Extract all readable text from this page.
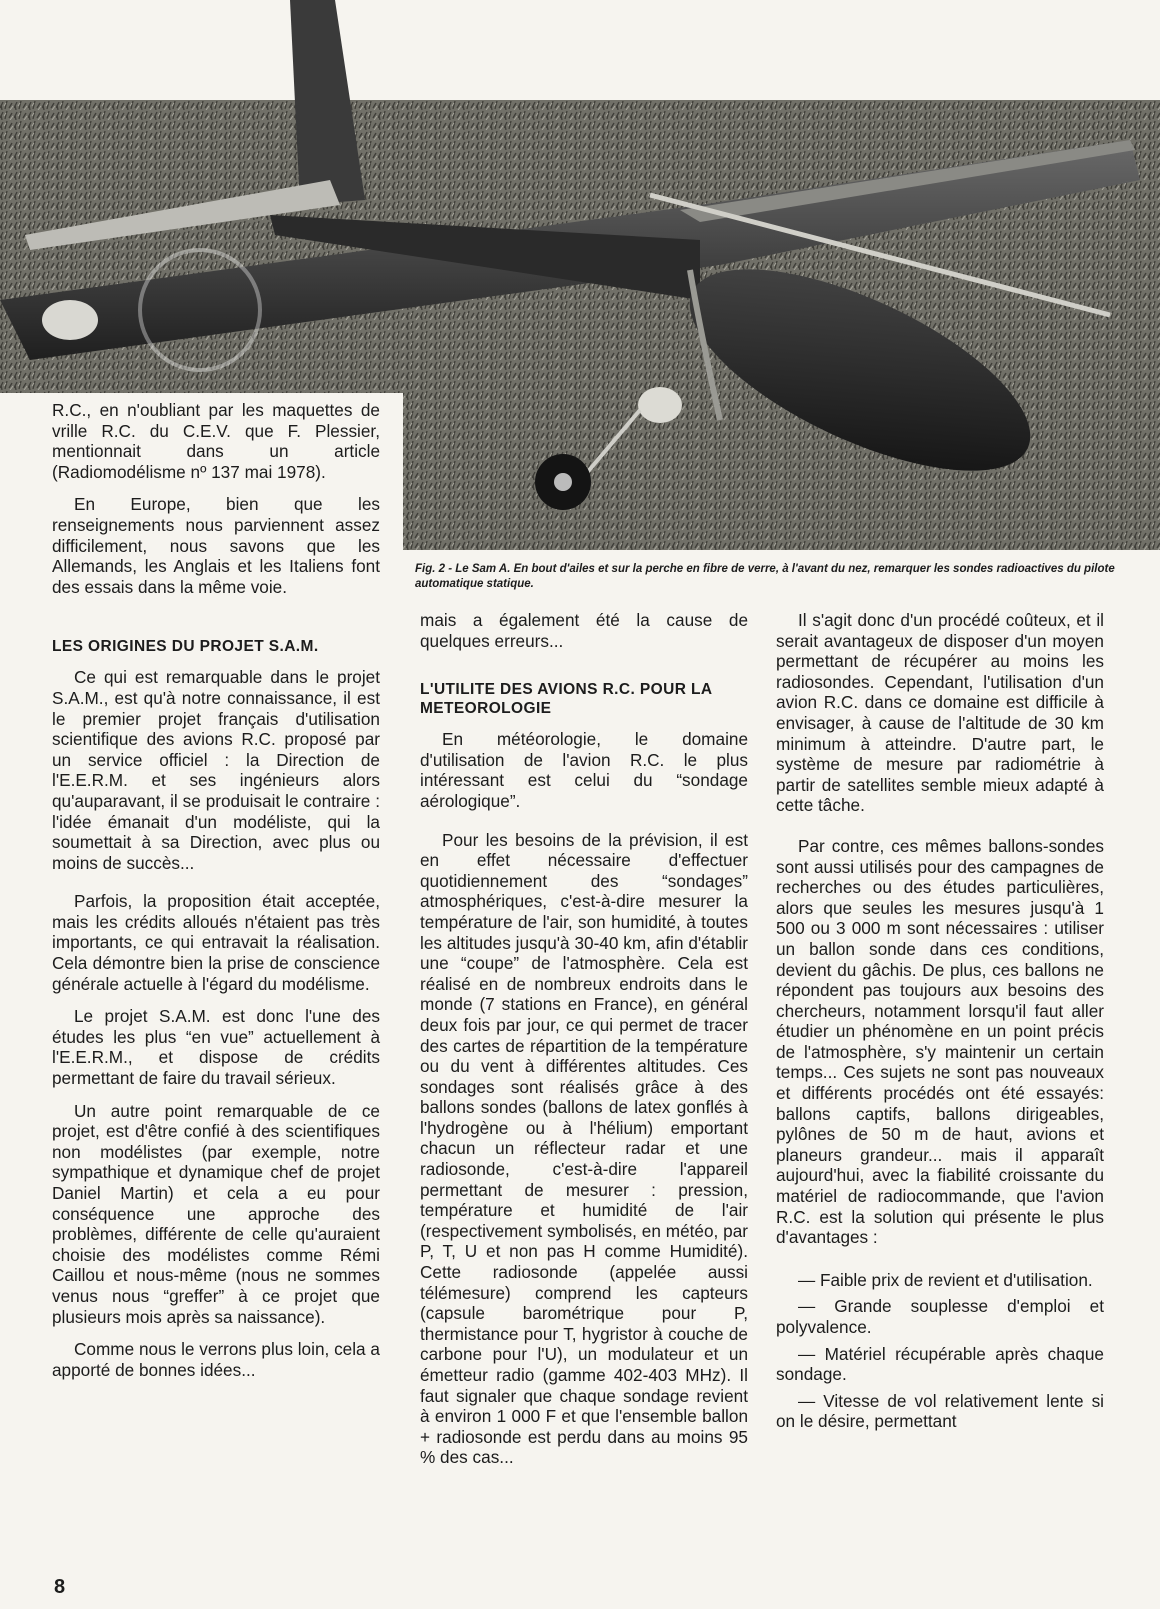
Fig. 2 - Le Sam A. En bout d'ailes et sur la perche en fibre de verre, à l'avant du nez, remarquer les sondes radioactives du pilote automatique statique.

R.C., en n'oubliant par les maquettes de vrille R.C. du C.E.V. que F. Plessier, mentionnait dans un article (Radiomodélisme nº 137 mai 1978).

En Europe, bien que les renseignements nous parviennent assez difficilement, nous savons que les Allemands, les Anglais et les Italiens font des essais dans la même voie.

LES ORIGINES DU PROJET S.A.M.

Ce qui est remarquable dans le projet S.A.M., est qu'à notre connaissance, il est le premier projet français d'utilisation scientifique des avions R.C. proposé par un service officiel : la Direction de l'E.E.R.M. et ses ingénieurs alors qu'auparavant, il se produisait le contraire : l'idée émanait d'un modéliste, qui la soumettait à sa Direction, avec plus ou moins de succès...

Parfois, la proposition était acceptée, mais les crédits alloués n'étaient pas très importants, ce qui entravait la réalisation. Cela démontre bien la prise de conscience générale actuelle à l'égard du modélisme.

Le projet S.A.M. est donc l'une des études les plus “en vue” actuellement à l'E.E.R.M., et dispose de crédits permettant de faire du travail sérieux.

Un autre point remarquable de ce projet, est d'être confié à des scientifiques non modélistes (par exemple, notre sympathique et dynamique chef de projet Daniel Martin) et cela a eu pour conséquence une approche des problèmes, différente de celle qu'auraient choisie des modélistes comme Rémi Caillou et nous-même (nous ne sommes venus nous “greffer” à ce projet que plusieurs mois après sa naissance).

Comme nous le verrons plus loin, cela a apporté de bonnes idées...

mais a également été la cause de quelques erreurs...

L'UTILITE DES AVIONS R.C. POUR LA METEOROLOGIE

En météorologie, le domaine d'utilisation de l'avion R.C. le plus intéressant est celui du “sondage aérologique”.

Pour les besoins de la prévision, il est en effet nécessaire d'effectuer quotidiennement des “sondages” atmosphériques, c'est-à-dire mesurer la température de l'air, son humidité, à toutes les altitudes jusqu'à 30-40 km, afin d'établir une “coupe” de l'atmosphère. Cela est réalisé en de nombreux endroits dans le monde (7 stations en France), en général deux fois par jour, ce qui permet de tracer des cartes de répartition de la température ou du vent à différentes altitudes. Ces sondages sont réalisés grâce à des ballons sondes (ballons de latex gonflés à l'hydrogène ou à l'hélium) emportant chacun un réflecteur radar et une radiosonde, c'est-à-dire l'appareil permettant de mesurer : pression, température et humidité de l'air (respectivement symbolisés, en météo, par P, T, U et non pas H comme Humidité). Cette radiosonde (appelée aussi télémesure) comprend les capteurs (capsule barométrique pour P, thermistance pour T, hygristor à couche de carbone pour l'U), un modulateur et un émetteur radio (gamme 402-403 MHz). Il faut signaler que chaque sondage revient à environ 1 000 F et que l'ensemble ballon + radiosonde est perdu dans au moins 95 % des cas...

Il s'agit donc d'un procédé coûteux, et il serait avantageux de disposer d'un moyen permettant de récupérer au moins les radiosondes. Cependant, l'utilisation d'un avion R.C. dans ce domaine est difficile à envisager, à cause de l'altitude de 30 km minimum à atteindre. D'autre part, le système de mesure par radiométrie à partir de satellites semble mieux adapté à cette tâche.

Par contre, ces mêmes ballons-sondes sont aussi utilisés pour des campagnes de recherches ou des études particulières, alors que seules les mesures jusqu'à 1 500 ou 3 000 m sont nécessaires : utiliser un ballon sonde dans ces conditions, devient du gâchis. De plus, ces ballons ne répondent pas toujours aux besoins des chercheurs, notamment lorsqu'il faut aller étudier un phénomène en un point précis de l'atmosphère, s'y maintenir un certain temps... Ces sujets ne sont pas nouveaux et différents procédés ont été essayés: ballons captifs, ballons dirigeables, pylônes de 50 m de haut, avions et planeurs grandeur... mais il apparaît aujourd'hui, avec la fiabilité croissante du matériel de radiocommande, que l'avion R.C. est la solution qui présente le plus d'avantages :

— Faible prix de revient et d'utilisation.

— Grande souplesse d'emploi et polyvalence.

— Matériel récupérable après chaque sondage.

— Vitesse de vol relativement lente si on le désire, permettant

8
